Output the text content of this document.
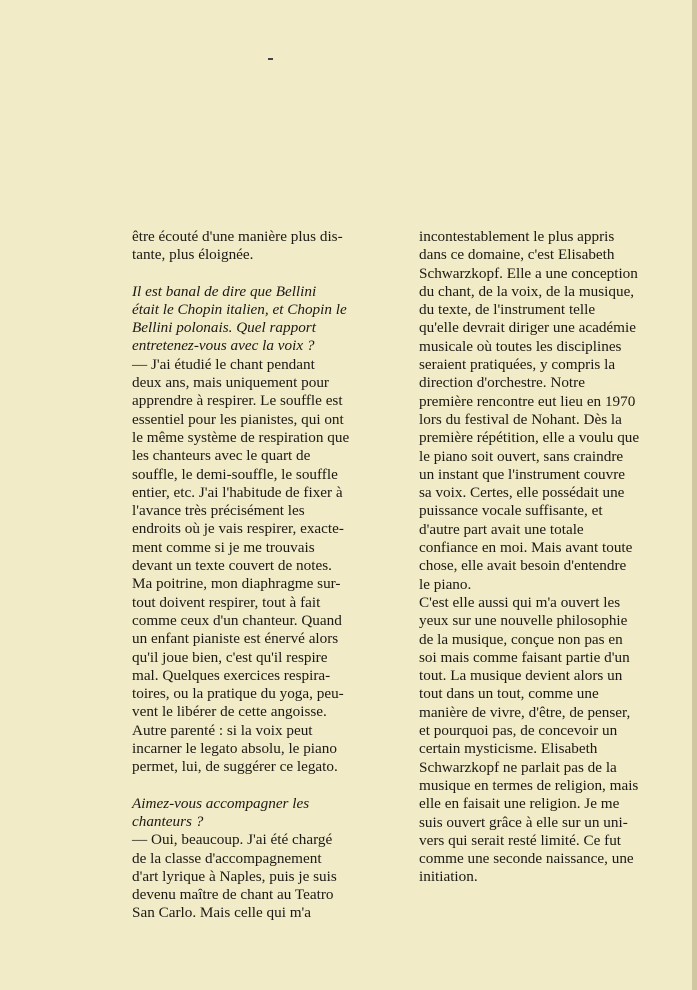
être écouté d'une manière plus dis-
tante, plus éloignée.

Il est banal de dire que Bellini
était le Chopin italien, et Chopin le
Bellini polonais. Quel rapport
entretenez-vous avec la voix ?

— J'ai étudié le chant pendant
deux ans, mais uniquement pour
apprendre à respirer. Le souffle est
essentiel pour les pianistes, qui ont
le même système de respiration que
les chanteurs avec le quart de
souffle, le demi-souffle, le souffle
entier, etc. J'ai l'habitude de fixer à
l'avance très précisément les
endroits où je vais respirer, exacte-
ment comme si je me trouvais
devant un texte couvert de notes.
Ma poitrine, mon diaphragme sur-
tout doivent respirer, tout à fait
comme ceux d'un chanteur. Quand
un enfant pianiste est énervé alors
qu'il joue bien, c'est qu'il respire
mal. Quelques exercices respira-
toires, ou la pratique du yoga, peu-
vent le libérer de cette angoisse.
Autre parenté : si la voix peut
incarner le legato absolu, le piano
permet, lui, de suggérer ce legato.

Aimez-vous accompagner les
chanteurs ?

— Oui, beaucoup. J'ai été chargé
de la classe d'accompagnement
d'art lyrique à Naples, puis je suis
devenu maître de chant au Teatro
San Carlo. Mais celle qui m'a

incontestablement le plus appris
dans ce domaine, c'est Elisabeth
Schwarzkopf. Elle a une conception
du chant, de la voix, de la musique,
du texte, de l'instrument telle
qu'elle devrait diriger une académie
musicale où toutes les disciplines
seraient pratiquées, y compris la
direction d'orchestre. Notre
première rencontre eut lieu en 1970
lors du festival de Nohant. Dès la
première répétition, elle a voulu que
le piano soit ouvert, sans craindre
un instant que l'instrument couvre
sa voix. Certes, elle possédait une
puissance vocale suffisante, et
d'autre part avait une totale
confiance en moi. Mais avant toute
chose, elle avait besoin d'entendre
le piano.

C'est elle aussi qui m'a ouvert les
yeux sur une nouvelle philosophie
de la musique, conçue non pas en
soi mais comme faisant partie d'un
tout. La musique devient alors un
tout dans un tout, comme une
manière de vivre, d'être, de penser,
et pourquoi pas, de concevoir un
certain mysticisme. Elisabeth
Schwarzkopf ne parlait pas de la
musique en termes de religion, mais
elle en faisait une religion. Je me
suis ouvert grâce à elle sur un uni-
vers qui serait resté limité. Ce fut
comme une seconde naissance, une
initiation.
